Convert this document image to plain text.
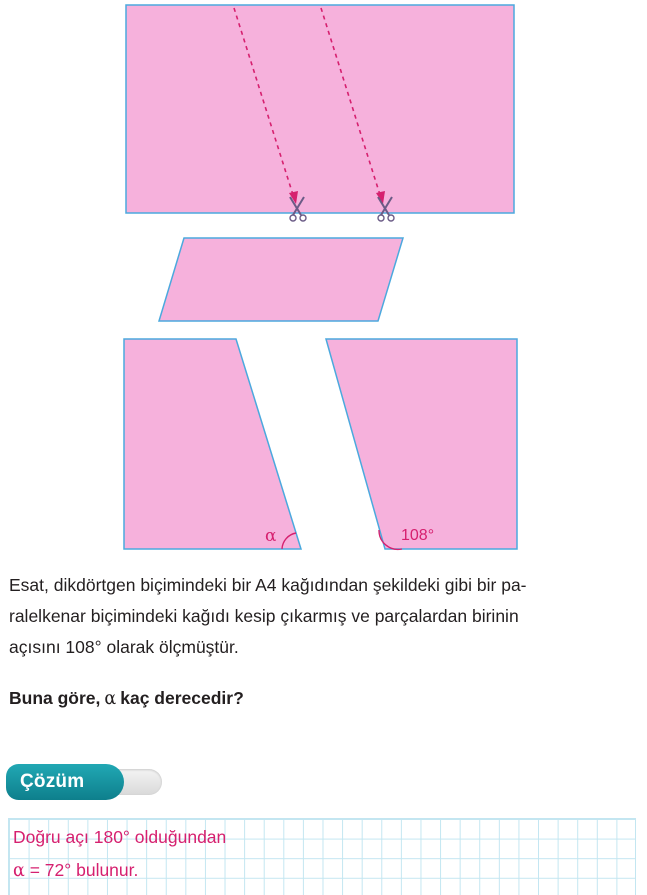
α	108°
Esat, dikdörtgen biçimindeki bir A4 kağıdından şekildeki gibi bir pa-
ralelkenar biçimindeki kağıdı kesip çıkarmış ve parçalardan birinin
açısını 108° olarak ölçmüştür.

Buna göre, α kaç derecedir?

Çözüm

Doğru açı 180° olduğundan

α = 72° bulunur.
